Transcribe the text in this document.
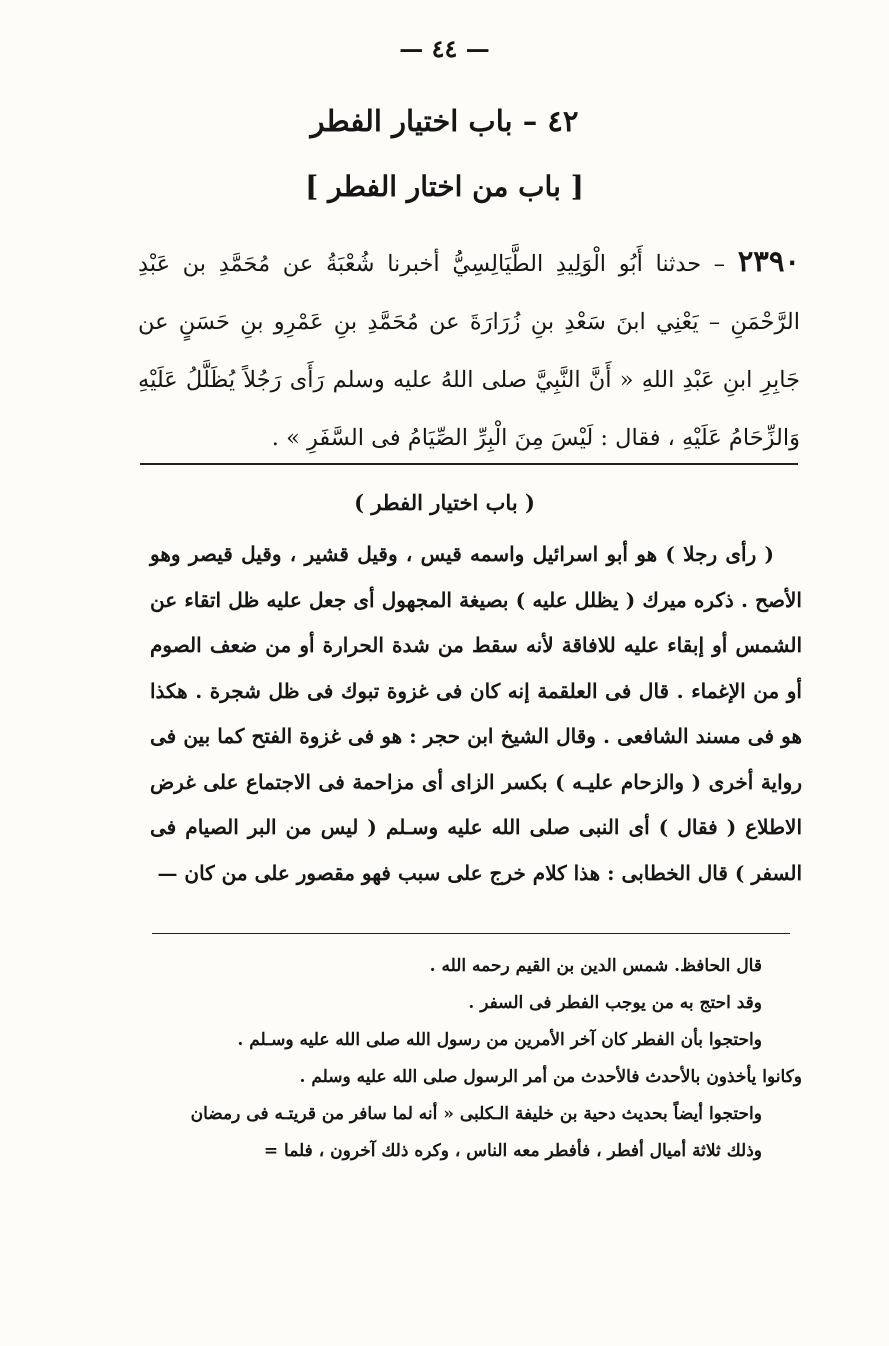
— ٤٤ —
٤٢ – باب اختيار الفطر
[ باب من اختار الفطر ]
٢٣٩٠ – حدثنا أَبُو الْوَلِيدِ الطَّيَالِسِيُّ أخبرنا شُعْبَةُ عن مُحَمَّدِ بن عَبْدِ الرَّحْمَنِ – يَعْنِي ابنَ سَعْدِ بنِ زُرَارَةَ عن مُحَمَّدِ بنِ عَمْرِو بنِ حَسَنٍ عن جَابِرِ ابنِ عَبْدِ اللهِ « أَنَّ النَّبِيَّ صلى اللهُ عليه وسلم رَأَى رَجُلاً يُظَلَّلُ عَلَيْهِ وَالزِّحَامُ عَلَيْهِ ، فقال : لَيْسَ مِنَ الْبِرِّ الصِّيَامُ فى السَّفَرِ » .
( باب اختيار الفطر )

( رأى رجلا ) هو أبو اسرائيل واسمه قيس ، وقيل قشير ، وقيل قيصر وهو الأصح . ذكره ميرك ( يظلل عليه ) بصيغة المجهول أى جعل عليه ظل اتقاء عن الشمس أو إبقاء عليه للافاقة لأنه سقط من شدة الحرارة أو من ضعف الصوم أو من الإغماء . قال فى العلقمة إنه كان فى غزوة تبوك فى ظل شجرة . هكذا هو فى مسند الشافعى . وقال الشيخ ابن حجر : هو فى غزوة الفتح كما بين فى رواية أخرى ( والزحام عليـه ) بكسر الزاى أى مزاحمة فى الاجتماع على غرض الاطلاع ( فقال ) أى النبى صلى الله عليه وسـلم ( ليس من البر الصيام فى السفر ) قال الخطابى : هذا كلام خرج على سبب فهو مقصور على من كان —

قال الحافظ. شمس الدين بن القيم رحمه الله .

وقد احتج به من يوجب الفطر فى السفر .

واحتجوا بأن الفطر كان آخر الأمرين من رسول الله صلى الله عليه وسـلم .

وكانوا يأخذون بالأحدث فالأحدث من أمر الرسول صلى الله عليه وسلم .

واحتجوا أيضاً بحديث دحية بن خليفة الـكلبى « أنه لما سافر من قريتـه فى رمضان وذلك ثلاثة أميال أفطر ، فأفطر معه الناس ، وكره ذلك آخرون ، فلما =
